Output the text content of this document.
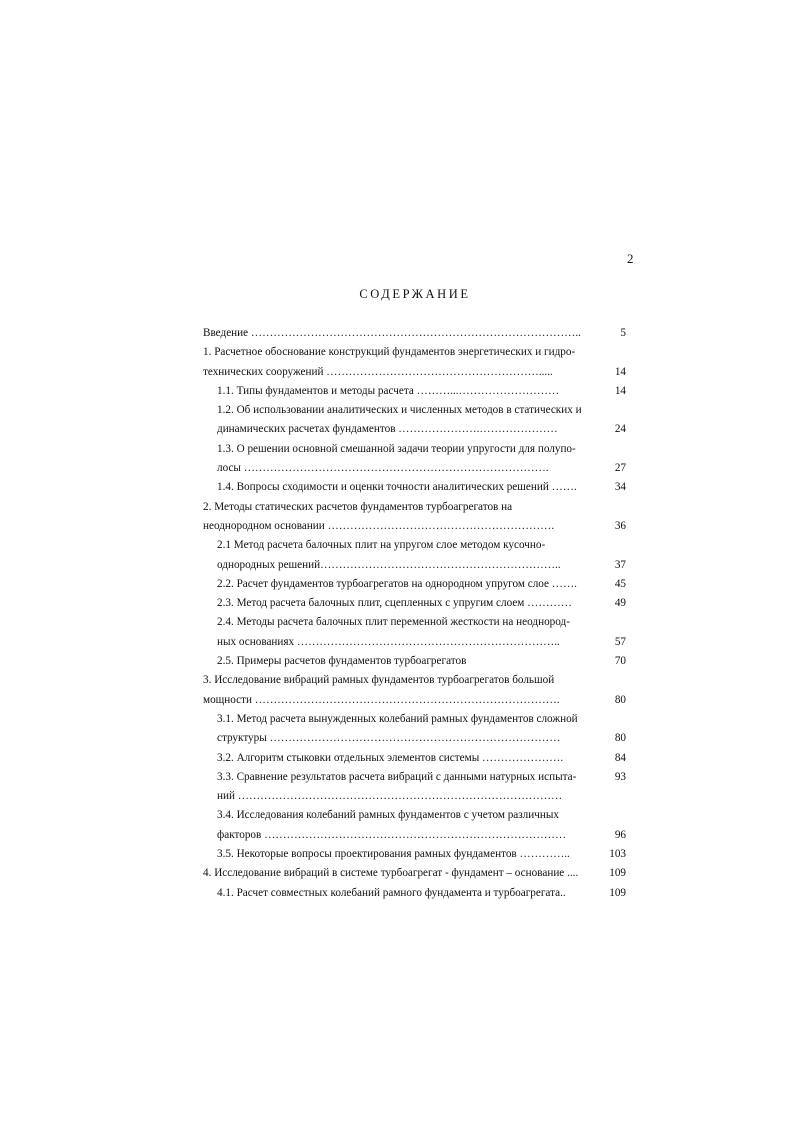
2
СОДЕРЖАНИЕ
Введение ……………………………………………………………………………..	5
1. Расчетное обоснование конструкций фундаментов энергетических и гидро-
технических сооружений ………………………………………………….....	14
1.1. Типы фундаментов и методы расчета ………...………………………	14
1.2. Об использовании аналитических и численных методов в статических и
динамических расчетах фундаментов ………………….…………………	24
1.3. О решении основной смешанной задачи теории упругости для полупо-
лосы ……………………………………………………………………….	27
1.4. Вопросы сходимости и оценки точности аналитических решений …….	34
2. Методы статических расчетов фундаментов турбоагрегатов на
неоднородном основании …………………………………………………….	36
2.1 Метод расчета балочных плит на упругом слое методом кусочно-
однородных решений………………………………………………………..	37
2.2. Расчет фундаментов турбоагрегатов на однородном упругом слое …….	45
2.3. Метод расчета балочных плит, сцепленных с упругим слоем …………	49
2.4. Методы расчета балочных плит переменной жесткости на неоднород-
ных основаниях ……………………………………………………………..	57
2.5. Примеры расчетов фундаментов турбоагрегатов	70
3. Исследование вибраций рамных фундаментов турбоагрегатов большой
мощности ……………………………………………………………………….	80
3.1. Метод расчета вынужденных колебаний рамных фундаментов сложной
структуры ……………………………………………………………………	80
3.2. Алгоритм стыковки отдельных элементов системы ………………….	84
3.3. Сравнение результатов расчета вибраций с данными натурных испыта-	93
ний ……………………………………………………………………………
3.4. Исследования колебаний рамных фундаментов с учетом различных
факторов ………………………………………………………………………	96
3.5. Некоторые вопросы проектирования рамных фундаментов …………..	103
4. Исследование вибраций в системе турбоагрегат - фундамент – основание ....	109
4.1. Расчет совместных колебаний рамного фундамента и турбоагрегата..	109
